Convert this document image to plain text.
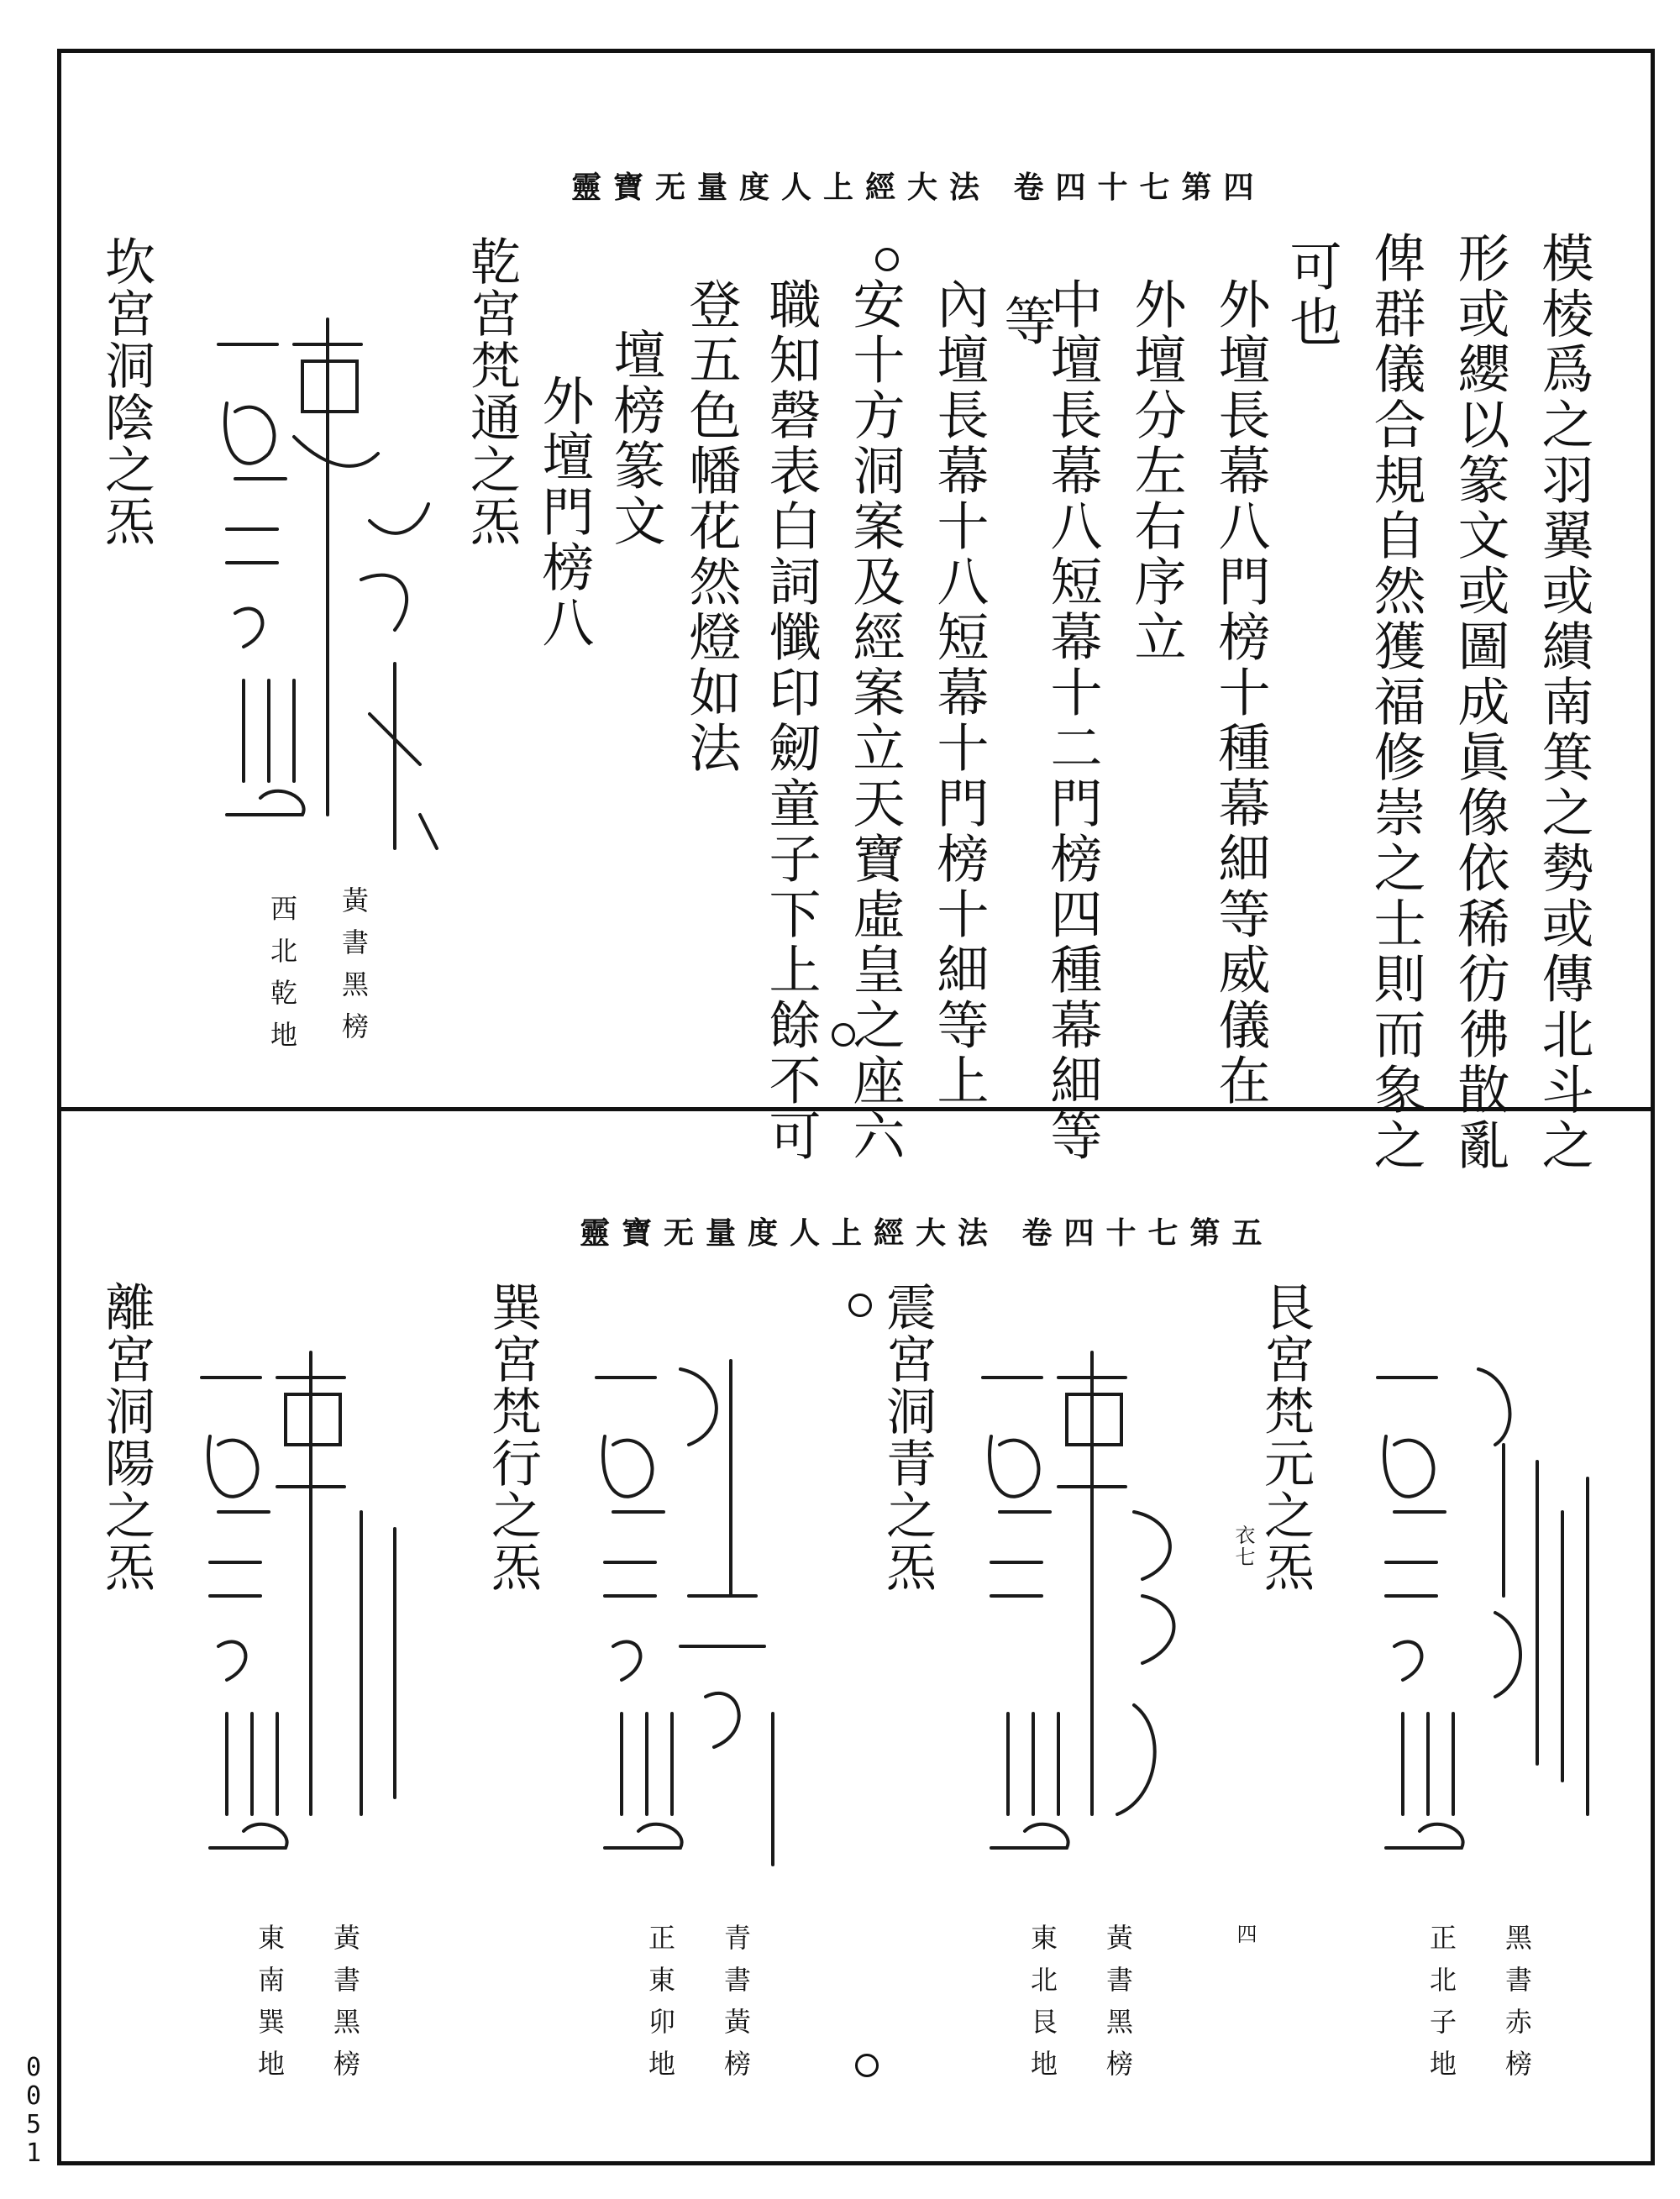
靈寶无量度人上經大法 卷四十七第四
模棱爲之羽翼或繢南箕之勢或傳北斗之
形或纓以篆文或圖成眞像依稀彷彿散亂
俾群儀合規自然獲福修崇之士則而象之
可也
外壇長幕八門榜十種幕細等威儀在
外壇分左右序立
中壇長幕八短幕十二門榜四種幕細等
等
內壇長幕十八短幕十門榜十細等上
安十方洞案及經案立天寶虛皇之座六
職知磬表白詞懺印劒童子下上餘不可
登五色幡花然燈如法
壇榜篆文
外壇門榜八
乾宮梵通之炁
黃書黑榜
西北乾地
坎宮洞陰之炁
靈寶无量度人上經大法 卷四十七第五
艮宮梵元之炁
衣七
四	黑書赤榜
正北子地
震宮洞青之炁
黃書黑榜
東北艮地
巽宮梵行之炁
青書黃榜
正東卯地
離宮洞陽之炁
黃書黑榜
東南巽地
0051
